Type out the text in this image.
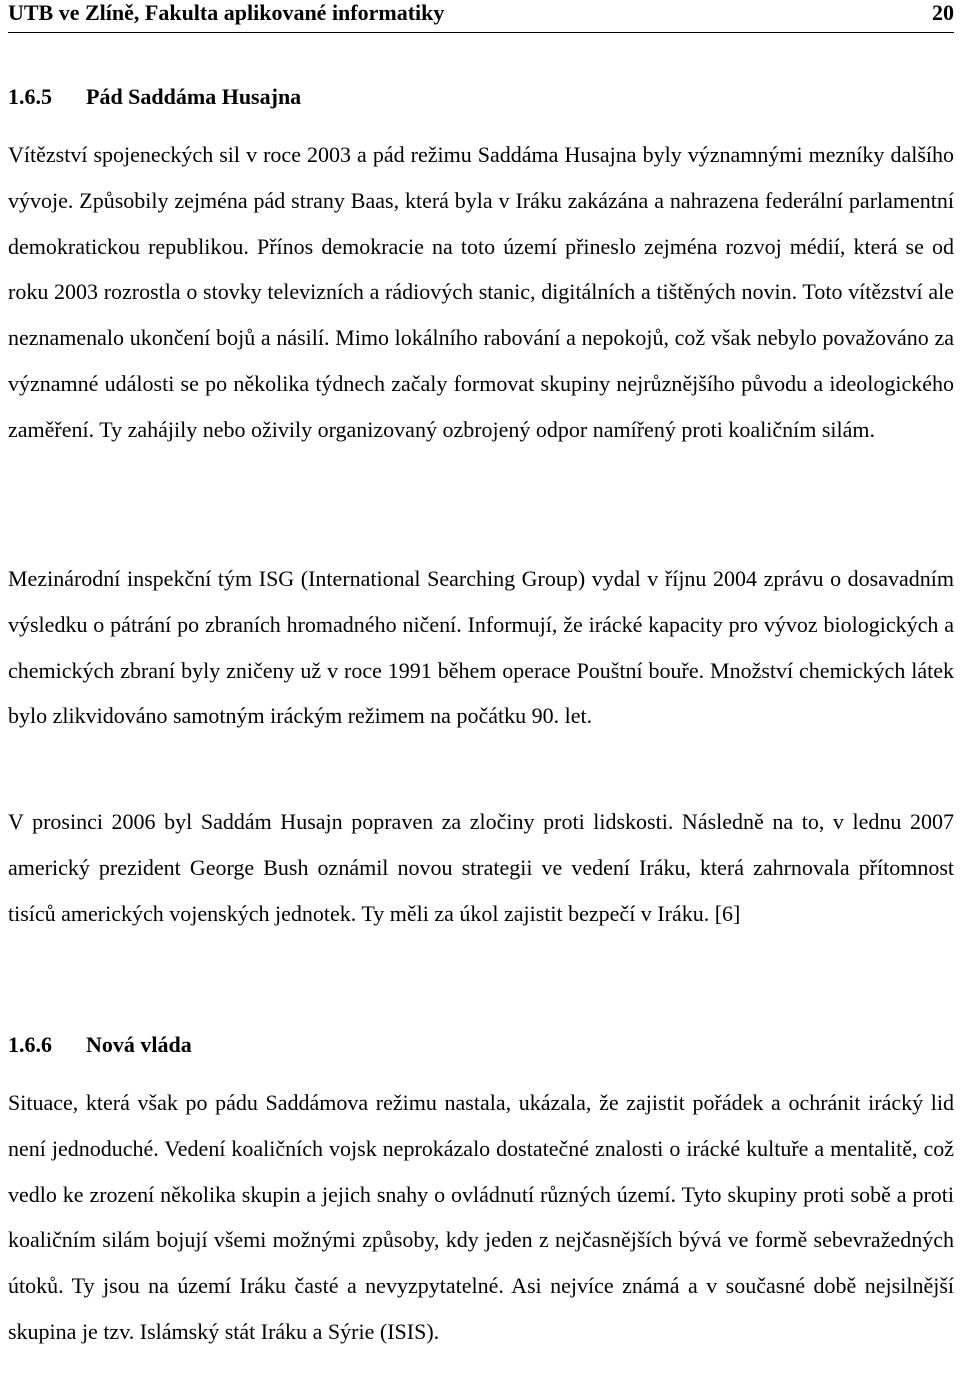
UTB ve Zlíně, Fakulta aplikované informatiky	20
1.6.5 Pád Saddáma Husajna

Vítězství spojeneckých sil v roce 2003 a pád režimu Saddáma Husajna byly významnými mezníky dalšího vývoje. Způsobily zejména pád strany Baas, která byla v Iráku zakázána a nahrazena federální parlamentní demokratickou republikou. Přínos demokracie na toto území přineslo zejména rozvoj médií, která se od roku 2003 rozrostla o stovky televizních a rádiových stanic, digitálních a tištěných novin. Toto vítězství ale neznamenalo ukončení bojů a násilí. Mimo lokálního rabování a nepokojů, což však nebylo považováno za významné události se po několika týdnech začaly formovat skupiny nejrůznějšího původu a ideologického zaměření. Ty zahájily nebo oživily organizovaný ozbrojený odpor namířený proti koaličním silám.

Mezinárodní inspekční tým ISG (International Searching Group) vydal v říjnu 2004 zprávu o dosavadním výsledku o pátrání po zbraních hromadného ničení. Informují, že irácké kapacity pro vývoz biologických a chemických zbraní byly zničeny už v roce 1991 během operace Pouštní bouře. Množství chemických látek bylo zlikvidováno samotným iráckým režimem na počátku 90. let.

V prosinci 2006 byl Saddám Husajn popraven za zločiny proti lidskosti. Následně na to, v lednu 2007 americký prezident George Bush oznámil novou strategii ve vedení Iráku, která zahrnovala přítomnost tisíců amerických vojenských jednotek. Ty měli za úkol zajistit bezpečí v Iráku. [6]

1.6.6 Nová vláda

Situace, která však po pádu Saddámova režimu nastala, ukázala, že zajistit pořádek a ochránit irácký lid není jednoduché. Vedení koaličních vojsk neprokázalo dostatečné znalosti o irácké kultuře a mentalitě, což vedlo ke zrození několika skupin a jejich snahy o ovládnutí různých území. Tyto skupiny proti sobě a proti koaličním silám bojují všemi možnými způsoby, kdy jeden z nejčasnějších bývá ve formě sebevražedných útoků. Ty jsou na území Iráku časté a nevyzpytatelné. Asi nejvíce známá a v současné době nejsilnější skupina je tzv. Islámský stát Iráku a Sýrie (ISIS).
